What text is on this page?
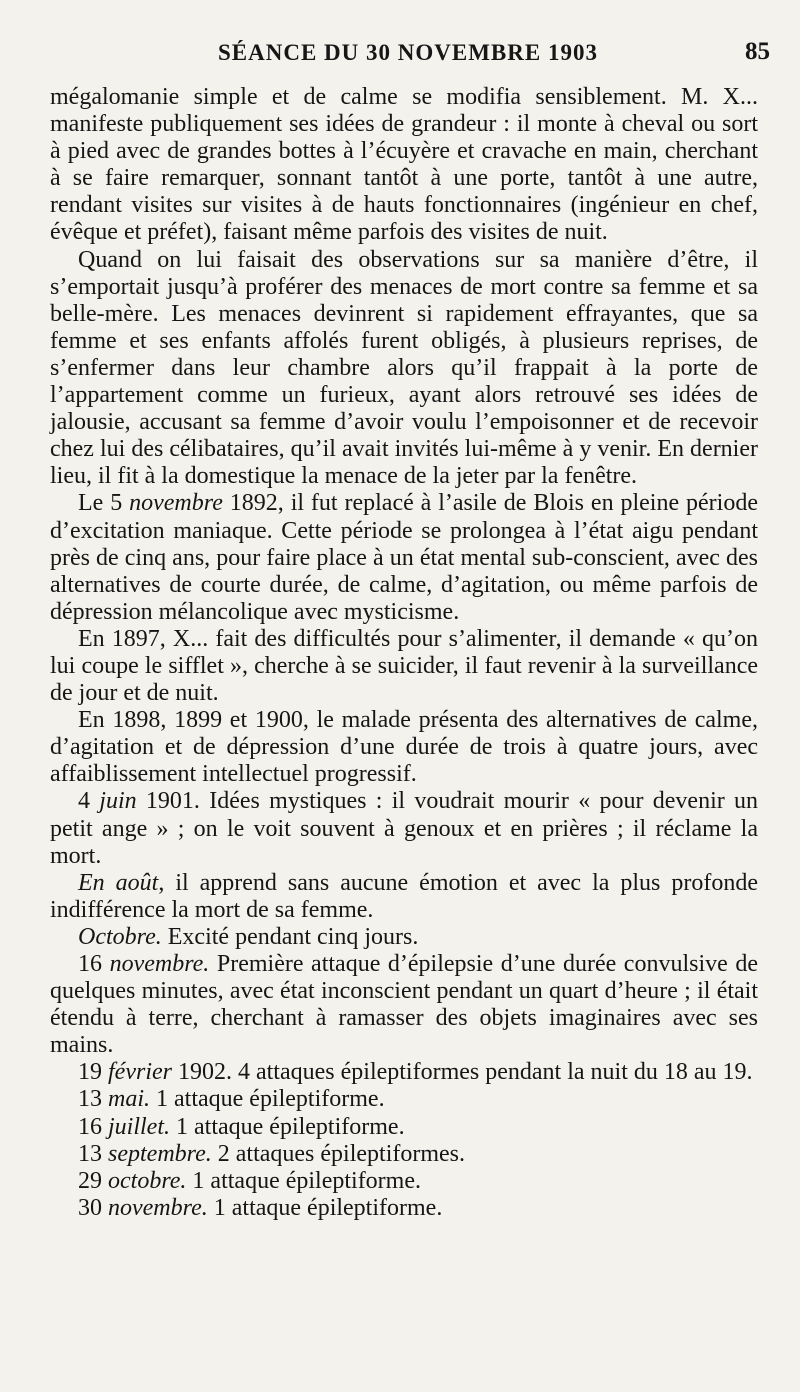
SÉANCE DU 30 NOVEMBRE 1903	85

mégalomanie simple et de calme se modifia sensiblement. M. X... manifeste publiquement ses idées de grandeur : il monte à cheval ou sort à pied avec de grandes bottes à l’écuyère et cravache en main, cherchant à se faire remarquer, sonnant tantôt à une porte, tantôt à une autre, rendant visites sur visites à de hauts fonctionnaires (ingénieur en chef, évêque et préfet), faisant même parfois des visites de nuit.

Quand on lui faisait des observations sur sa manière d’être, il s’emportait jusqu’à proférer des menaces de mort contre sa femme et sa belle-mère. Les menaces devinrent si rapidement effrayantes, que sa femme et ses enfants affolés furent obligés, à plusieurs reprises, de s’enfermer dans leur chambre alors qu’il frappait à la porte de l’appartement comme un furieux, ayant alors retrouvé ses idées de jalousie, accusant sa femme d’avoir voulu l’empoisonner et de recevoir chez lui des célibataires, qu’il avait invités lui-même à y venir. En dernier lieu, il fit à la domestique la menace de la jeter par la fenêtre.

Le 5 novembre 1892, il fut replacé à l’asile de Blois en pleine période d’excitation maniaque. Cette période se prolongea à l’état aigu pendant près de cinq ans, pour faire place à un état mental sub-conscient, avec des alternatives de courte durée, de calme, d’agitation, ou même parfois de dépression mélancolique avec mysticisme.

En 1897, X... fait des difficultés pour s’alimenter, il demande « qu’on lui coupe le sifflet », cherche à se suicider, il faut revenir à la surveillance de jour et de nuit.

En 1898, 1899 et 1900, le malade présenta des alternatives de calme, d’agitation et de dépression d’une durée de trois à quatre jours, avec affaiblissement intellectuel progressif.

4 juin 1901. Idées mystiques : il voudrait mourir « pour devenir un petit ange » ; on le voit souvent à genoux et en prières ; il réclame la mort.

En août, il apprend sans aucune émotion et avec la plus profonde indifférence la mort de sa femme.

Octobre. Excité pendant cinq jours.

16 novembre. Première attaque d’épilepsie d’une durée convulsive de quelques minutes, avec état inconscient pendant un quart d’heure ; il était étendu à terre, cherchant à ramasser des objets imaginaires avec ses mains.

19 février 1902. 4 attaques épileptiformes pendant la nuit du 18 au 19.

13 mai. 1 attaque épileptiforme.

16 juillet. 1 attaque épileptiforme.

13 septembre. 2 attaques épileptiformes.

29 octobre. 1 attaque épileptiforme.

30 novembre. 1 attaque épileptiforme.
